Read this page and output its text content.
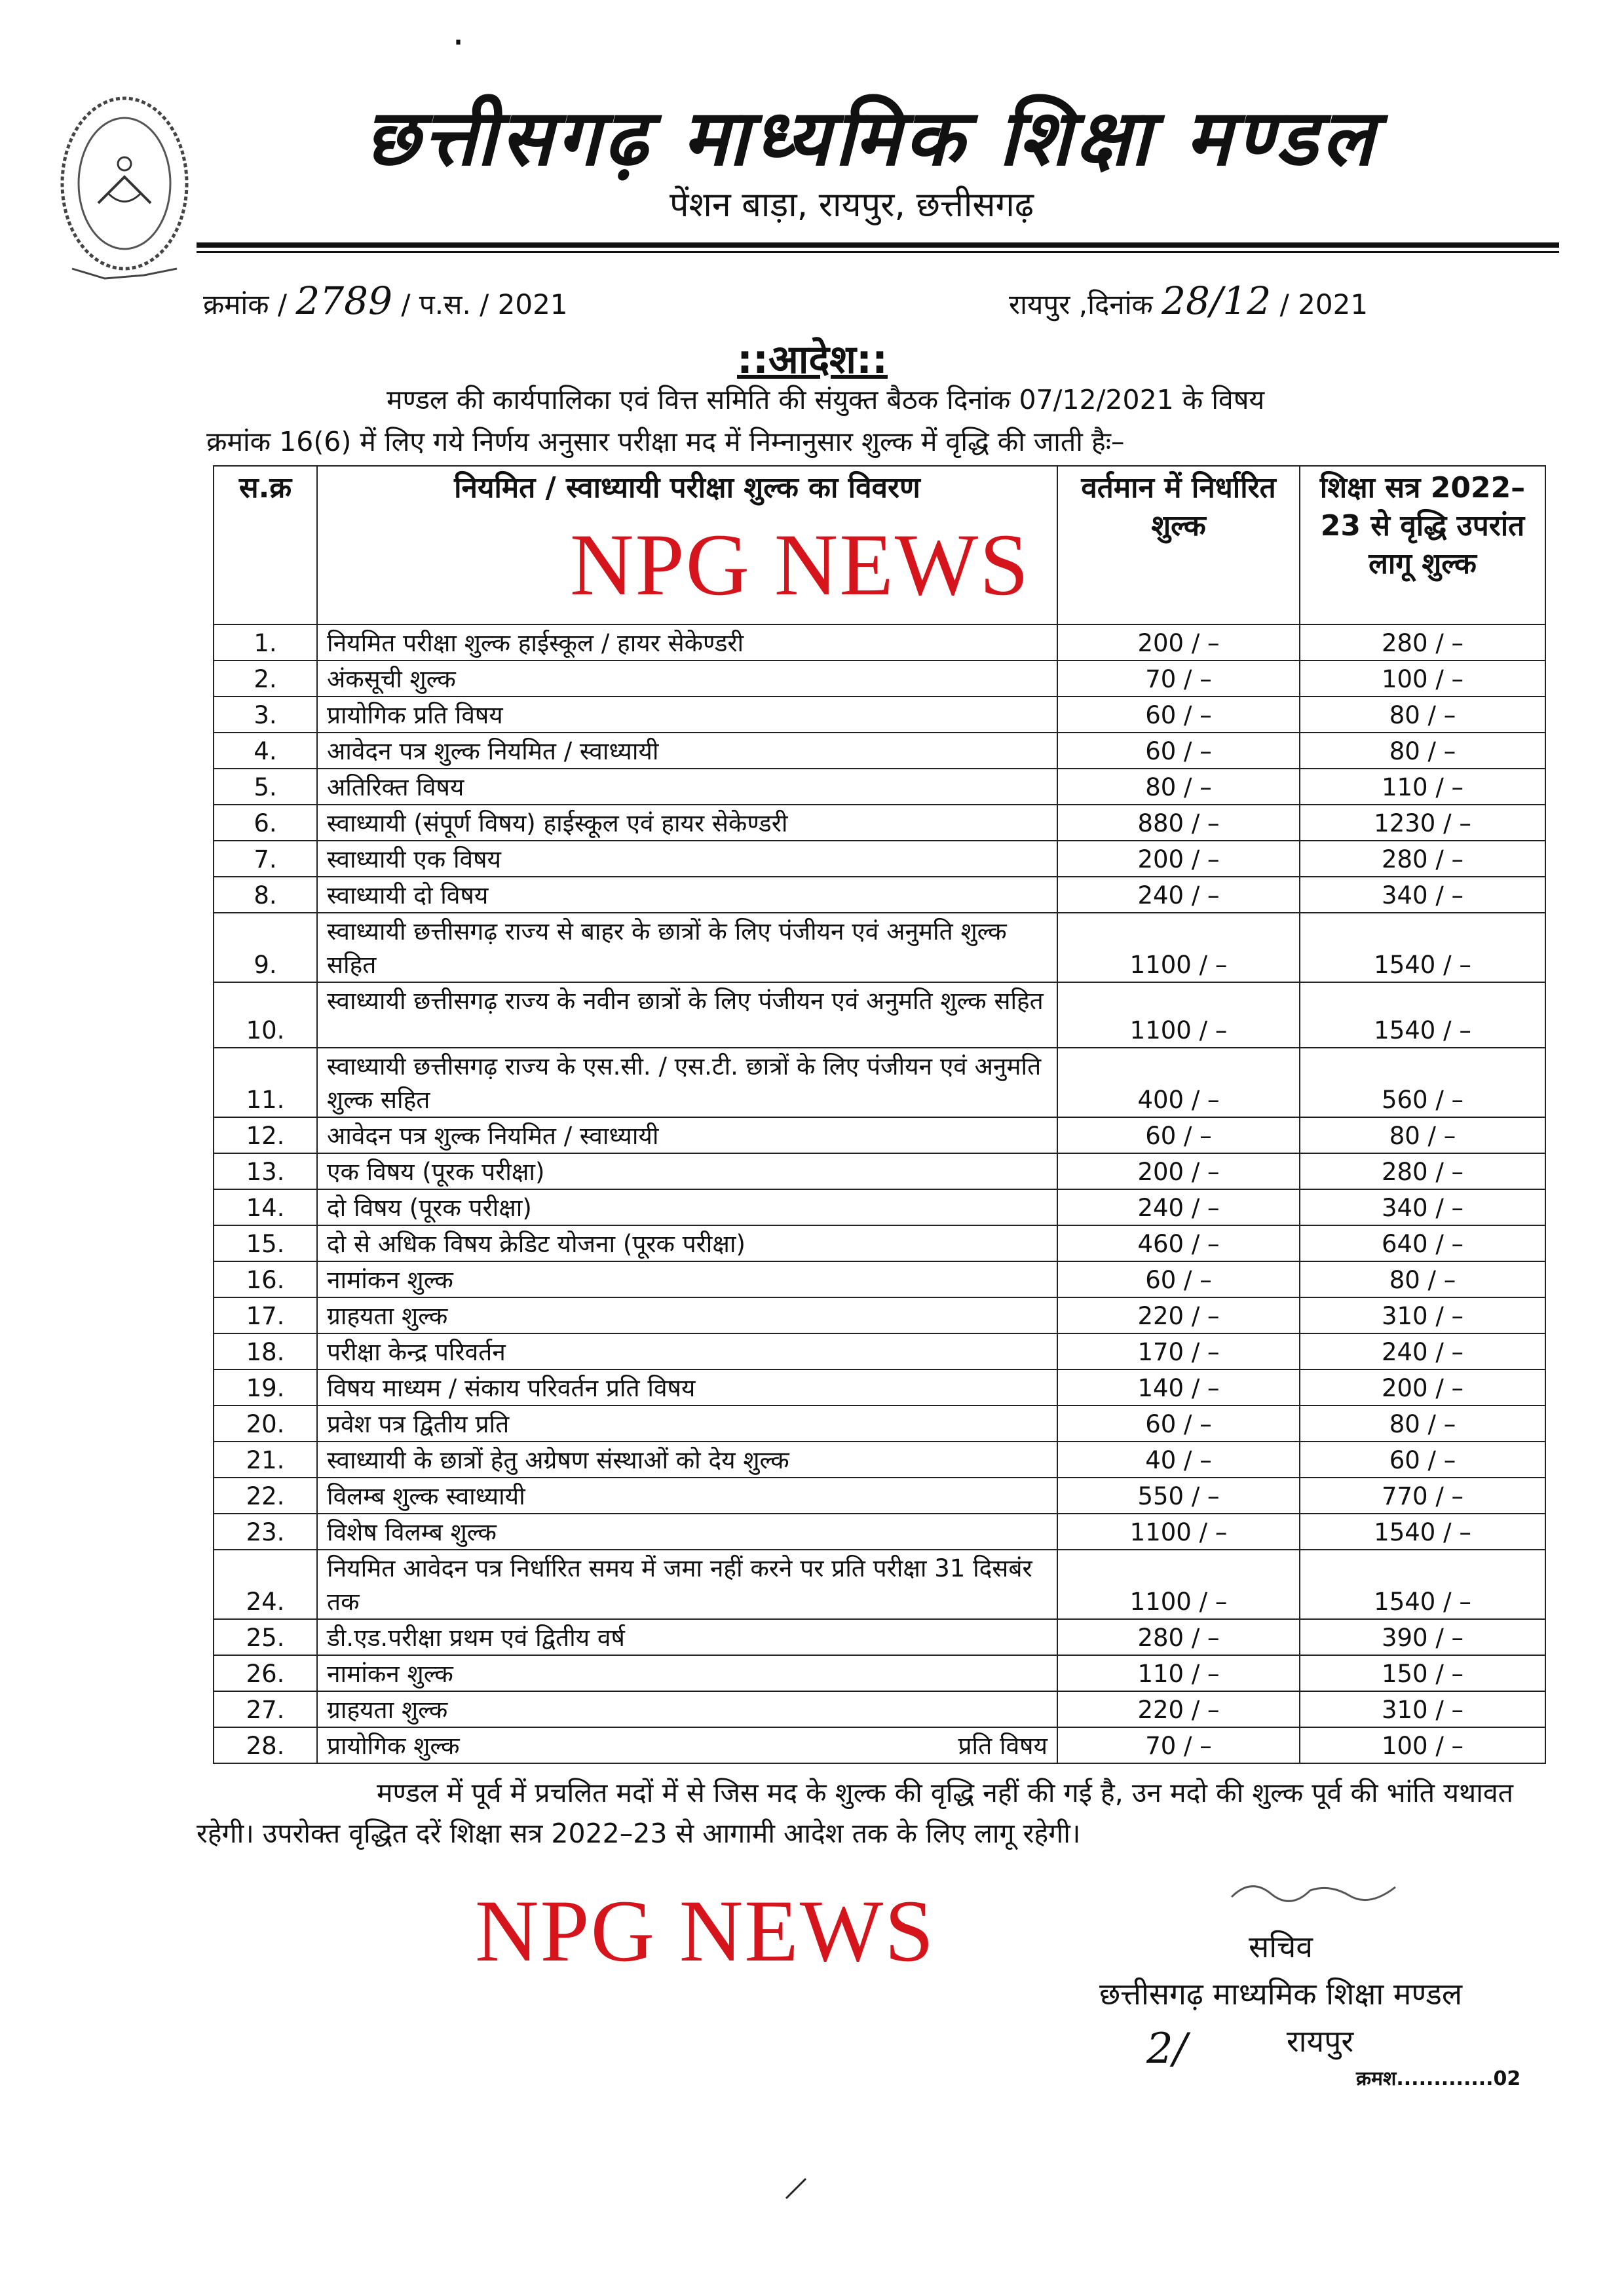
·
छत्तीसगढ़ माध्यमिक शिक्षा मण्डल
पेंशन बाड़ा, रायपुर, छत्तीसगढ़
क्रमांक / 2789 / प.स. / 2021	रायपुर ,दिनांक 28/12 / 2021
::आदेश::
मण्डल की कार्यपालिका एवं वित्त समिति की संयुक्त बैठक दिनांक 07/12/2021 के विषय
क्रमांक 16(6) में लिए गये निर्णय अनुसार परीक्षा मद में निम्नानुसार शुल्क में वृद्धि की जाती हैः–
स.क्र	नियमित / स्वाध्यायी परीक्षा शुल्क का विवरण	वर्तमान में निर्धारित शुल्क	शिक्षा सत्र 2022–23 से वृद्धि उपरांत लागू शुल्क
1.	नियमित परीक्षा शुल्क हाईस्कूल / हायर सेकेण्डरी	200 / –	280 / –
2.	अंकसूची शुल्क	70 / –	100 / –
3.	प्रायोगिक प्रति विषय	60 / –	80 / –
4.	आवेदन पत्र शुल्क नियमित / स्वाध्यायी	60 / –	80 / –
5.	अतिरिक्त विषय	80 / –	110 / –
6.	स्वाध्यायी (संपूर्ण विषय) हाईस्कूल एवं हायर सेकेण्डरी	880 / –	1230 / –
7.	स्वाध्यायी एक विषय	200 / –	280 / –
8.	स्वाध्यायी दो विषय	240 / –	340 / –
9.	स्वाध्यायी छत्तीसगढ़ राज्य से बाहर के छात्रों के लिए पंजीयन एवं अनुमति शुल्क सहित	1100 / –	1540 / –
10.	स्वाध्यायी छत्तीसगढ़ राज्य के नवीन छात्रों के लिए पंजीयन एवं अनुमति शुल्क सहित	1100 / –	1540 / –
11.	स्वाध्यायी छत्तीसगढ़ राज्य के एस.सी. / एस.टी. छात्रों के लिए पंजीयन एवं अनुमति शुल्क सहित	400 / –	560 / –
12.	आवेदन पत्र शुल्क नियमित / स्वाध्यायी	60 / –	80 / –
13.	एक विषय (पूरक परीक्षा)	200 / –	280 / –
14.	दो विषय (पूरक परीक्षा)	240 / –	340 / –
15.	दो से अधिक विषय क्रेडिट योजना (पूरक परीक्षा)	460 / –	640 / –
16.	नामांकन शुल्क	60 / –	80 / –
17.	ग्राहयता शुल्क	220 / –	310 / –
18.	परीक्षा केन्द्र परिवर्तन	170 / –	240 / –
19.	विषय माध्यम / संकाय परिवर्तन प्रति विषय	140 / –	200 / –
20.	प्रवेश पत्र द्वितीय प्रति	60 / –	80 / –
21.	स्वाध्यायी के छात्रों हेतु अग्रेषण संस्थाओं को देय शुल्क	40 / –	60 / –
22.	विलम्ब शुल्क स्वाध्यायी	550 / –	770 / –
23.	विशेष विलम्ब शुल्क	1100 / –	1540 / –
24.	नियमित आवेदन पत्र निर्धारित समय में जमा नहीं करने पर प्रति परीक्षा 31 दिसबंर तक	1100 / –	1540 / –
25.	डी.एड.परीक्षा प्रथम एवं द्वितीय वर्ष	280 / –	390 / –
26.	नामांकन शुल्क	110 / –	150 / –
27.	ग्राहयता शुल्क	220 / –	310 / –
28.	प्रायोगिक शुल्क प्रति विषय	70 / –	100 / –
NPG NEWS
मण्डल में पूर्व में प्रचलित मदों में से जिस मद के शुल्क की वृद्धि नहीं की गई है, उन मदो की शुल्क पूर्व की भांति यथावत रहेगी। उपरोक्त वृद्धित दरें शिक्षा सत्र 2022–23 से आगामी आदेश तक के लिए लागू रहेगी।
NPG NEWS	सचिव
छत्तीसगढ़ माध्यमिक शिक्षा मण्डल
रायपुर
2/
क्रमश.............02
